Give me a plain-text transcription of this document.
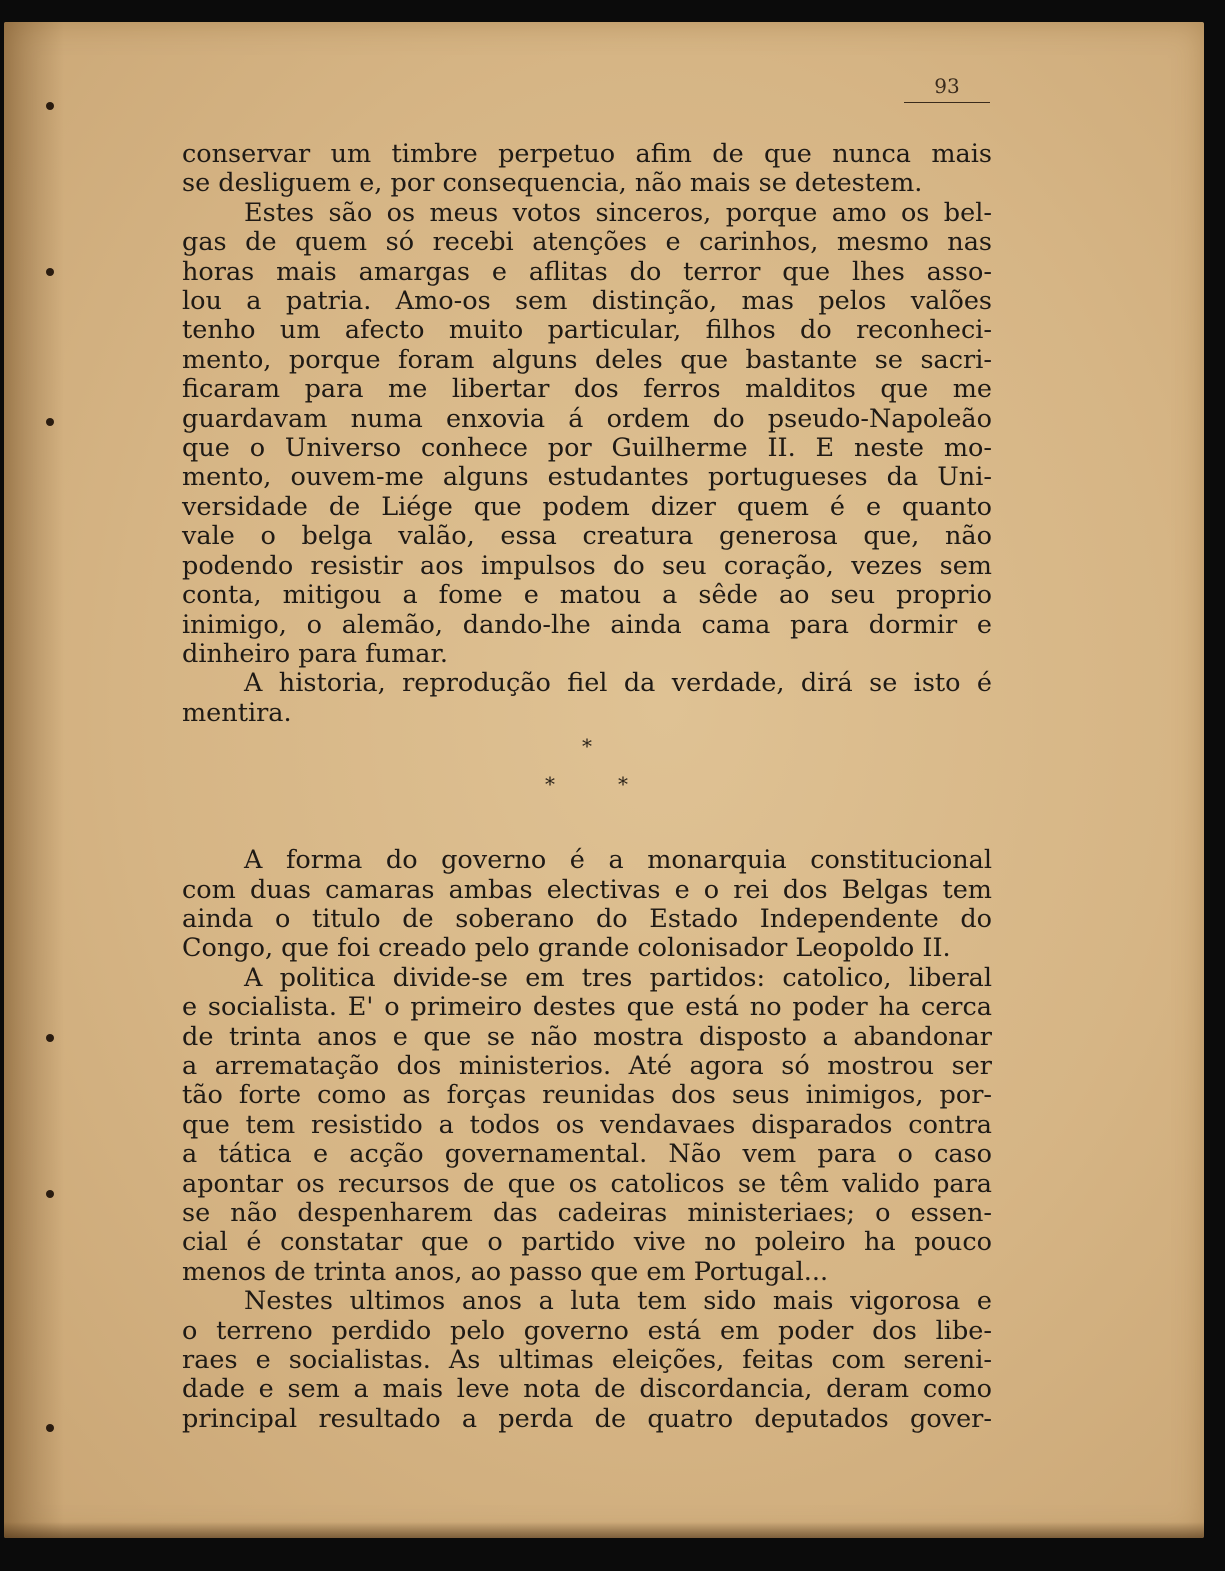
93

conservar um timbre perpetuo afim de que nunca mais

se desliguem e, por consequencia, não mais se detestem.

Estes são os meus votos sinceros, porque amo os bel-

gas de quem só recebi atenções e carinhos, mesmo nas

horas mais amargas e aflitas do terror que lhes asso-

lou a patria. Amo-os sem distinção, mas pelos valões

tenho um afecto muito particular, filhos do reconheci-

mento, porque foram alguns deles que bastante se sacri-

ficaram para me libertar dos ferros malditos que me

guardavam numa enxovia á ordem do pseudo-Napoleão

que o Universo conhece por Guilherme II. E neste mo-

mento, ouvem-me alguns estudantes portugueses da Uni-

versidade de Liége que podem dizer quem é e quanto

vale o belga valão, essa creatura generosa que, não

podendo resistir aos impulsos do seu coração, vezes sem

conta, mitigou a fome e matou a sêde ao seu proprio

inimigo, o alemão, dando-lhe ainda cama para dormir e

dinheiro para fumar.

A historia, reprodução fiel da verdade, dirá se isto é

mentira.

*
*	*

A forma do governo é a monarquia constitucional

com duas camaras ambas electivas e o rei dos Belgas tem

ainda o titulo de soberano do Estado Independente do

Congo, que foi creado pelo grande colonisador Leopoldo II.

A politica divide-se em tres partidos: catolico, liberal

e socialista. E' o primeiro destes que está no poder ha cerca

de trinta anos e que se não mostra disposto a abandonar

a arrematação dos ministerios. Até agora só mostrou ser

tão forte como as forças reunidas dos seus inimigos, por-

que tem resistido a todos os vendavaes disparados contra

a tática e acção governamental. Não vem para o caso

apontar os recursos de que os catolicos se têm valido para

se não despenharem das cadeiras ministeriaes; o essen-

cial é constatar que o partido vive no poleiro ha pouco

menos de trinta anos, ao passo que em Portugal...

Nestes ultimos anos a luta tem sido mais vigorosa e

o terreno perdido pelo governo está em poder dos libe-

raes e socialistas. As ultimas eleições, feitas com sereni-

dade e sem a mais leve nota de discordancia, deram como

principal resultado a perda de quatro deputados gover-
